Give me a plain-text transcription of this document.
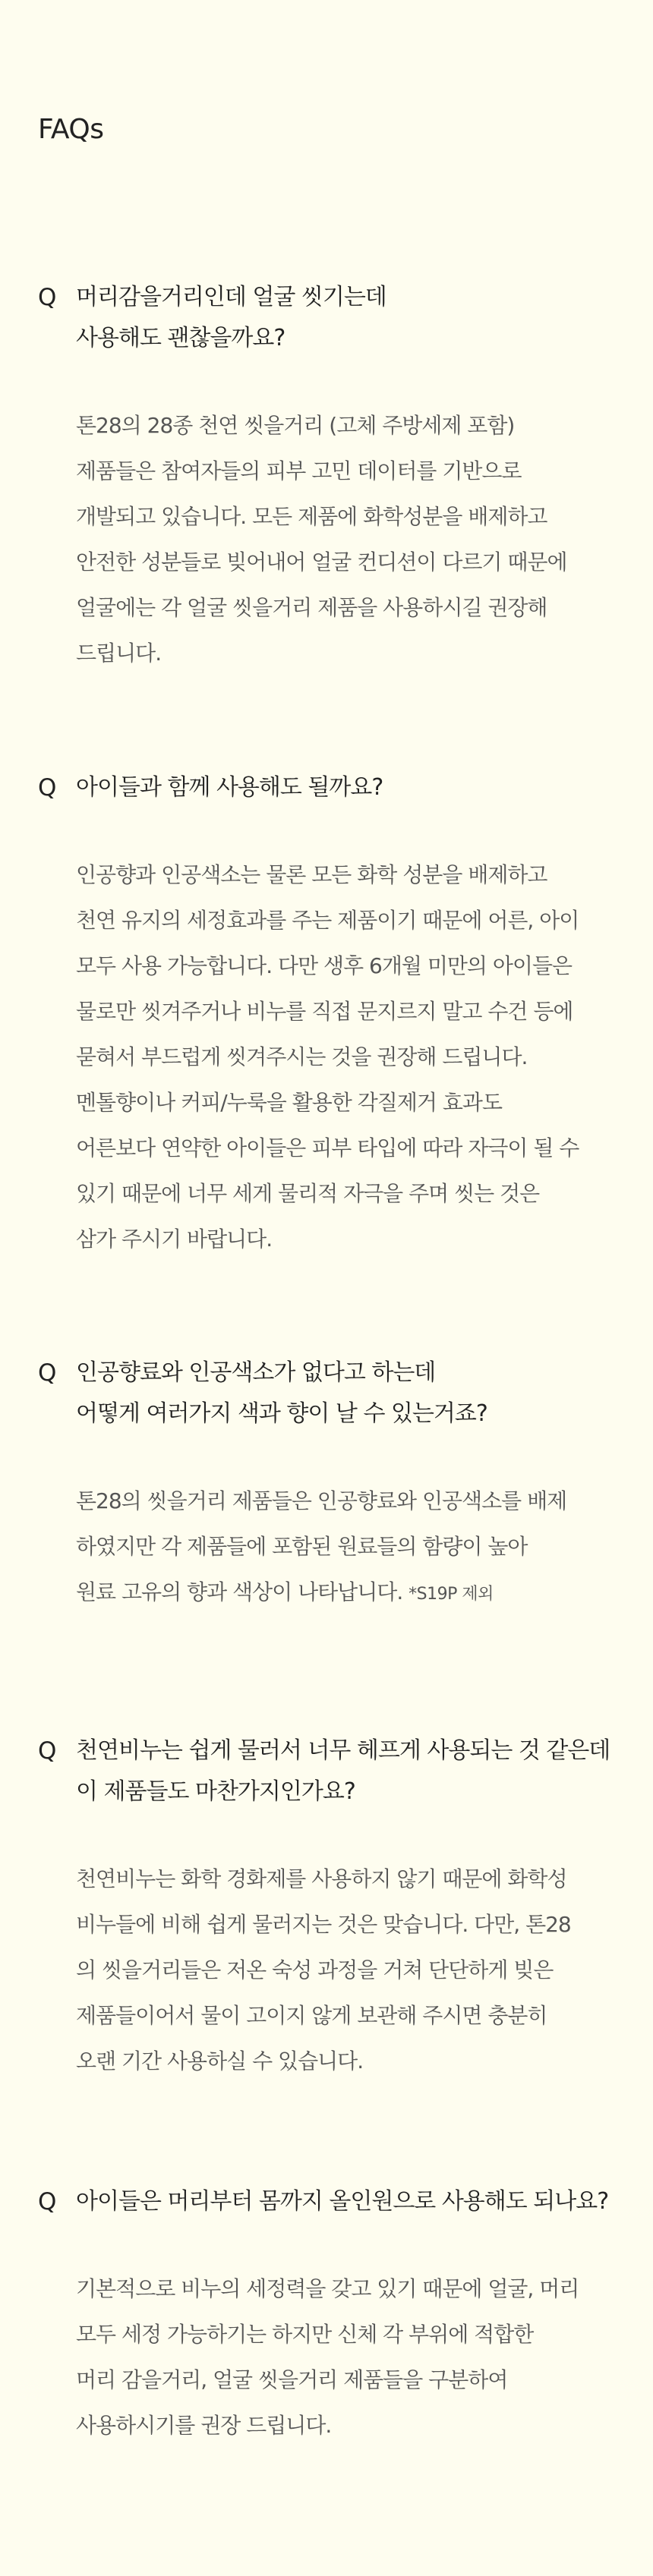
FAQs
Q 머리감을거리인데 얼굴 씻기는데
사용해도 괜찮을까요?
톤28의 28종 천연 씻을거리 (고체 주방세제 포함)
제품들은 참여자들의 피부 고민 데이터를 기반으로
개발되고 있습니다. 모든 제품에 화학성분을 배제하고
안전한 성분들로 빚어내어 얼굴 컨디션이 다르기 때문에
얼굴에는 각 얼굴 씻을거리 제품을 사용하시길 권장해
드립니다.
Q 아이들과 함께 사용해도 될까요?
인공향과 인공색소는 물론 모든 화학 성분을 배제하고
천연 유지의 세정효과를 주는 제품이기 때문에 어른, 아이
모두 사용 가능합니다. 다만 생후 6개월 미만의 아이들은
물로만 씻겨주거나 비누를 직접 문지르지 말고 수건 등에
묻혀서 부드럽게 씻겨주시는 것을 권장해 드립니다.
멘톨향이나 커피/누룩을 활용한 각질제거 효과도
어른보다 연약한 아이들은 피부 타입에 따라 자극이 될 수
있기 때문에 너무 세게 물리적 자극을 주며 씻는 것은
삼가 주시기 바랍니다.
Q 인공향료와 인공색소가 없다고 하는데
어떻게 여러가지 색과 향이 날 수 있는거죠?
톤28의 씻을거리 제품들은 인공향료와 인공색소를 배제
하였지만 각 제품들에 포함된 원료들의 함량이 높아
원료 고유의 향과 색상이 나타납니다. *S19P 제외
Q 천연비누는 쉽게 물러서 너무 헤프게 사용되는 것 같은데
이 제품들도 마찬가지인가요?
천연비누는 화학 경화제를 사용하지 않기 때문에 화학성
비누들에 비해 쉽게 물러지는 것은 맞습니다. 다만, 톤28
의 씻을거리들은 저온 숙성 과정을 거쳐 단단하게 빚은
제품들이어서 물이 고이지 않게 보관해 주시면 충분히
오랜 기간 사용하실 수 있습니다.
Q 아이들은 머리부터 몸까지 올인원으로 사용해도 되나요?
기본적으로 비누의 세정력을 갖고 있기 때문에 얼굴, 머리
모두 세정 가능하기는 하지만 신체 각 부위에 적합한
머리 감을거리, 얼굴 씻을거리 제품들을 구분하여
사용하시기를 권장 드립니다.
